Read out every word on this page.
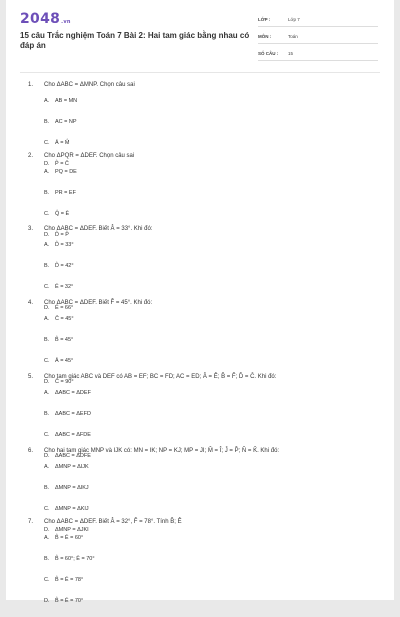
2048.vn
15 câu Trắc nghiệm Toán 7 Bài 2: Hai tam giác bằng nhau có đáp án
LỚP :	Lớp 7
MÔN :	Toán
SỐ CÂU :	15
1.	Cho ΔABC = ΔMNP. Chọn câu sai
A.	AB = MN
B.	AC = NP
C.	Â = M̂
D.	P̂ = Ĉ
2.	Cho ΔPQR = ΔDEF. Chọn câu sai
A.	PQ = DE
B.	PR = EF
C.	Q̂ = Ê
D.	D̂ = P̂
3.	Cho ΔABC = ΔDEF. Biết Â = 33°. Khi đó:
A.	D̂ = 33°
B.	D̂ = 42°
C.	Ê = 32°
D.	Ê = 66°
4.	Cho ΔABC = ΔDEF. Biết F̂ = 45°. Khi đó:
A.	Ĉ = 45°
B.	B̂ = 45°
C.	Â = 45°
D.	Ĉ = 90°
5.	Cho tam giác ABC và DEF có AB = EF; BC = FD; AC = ED; Â = Ê; B̂ = F̂; D̂ = Ĉ. Khi đó:
A.	ΔABC = ΔDEF
B.	ΔABC = ΔEFD
C.	ΔABC = ΔFDE
D.	ΔABC = ΔDFE
6.	Cho hai tam giác MNP và IJK có: MN = IK; NP = KJ; MP = JI; M̂ = Î; Ĵ = P̂; N̂ = K̂. Khi đó:
A.	ΔMNP = ΔIJK
B.	ΔMNP = ΔIKJ
C.	ΔMNP = ΔKIJ
D.	ΔMNP = ΔJKI
7.	Cho ΔABC = ΔDEF. Biết Â = 32°, F̂ = 78°. Tính B̂; Ê
A.	B̂ = Ê = 60°
B.	B̂ = 60°; Ê = 70°
C.	B̂ = Ê = 78°
D.	B̂ = Ê = 70°
